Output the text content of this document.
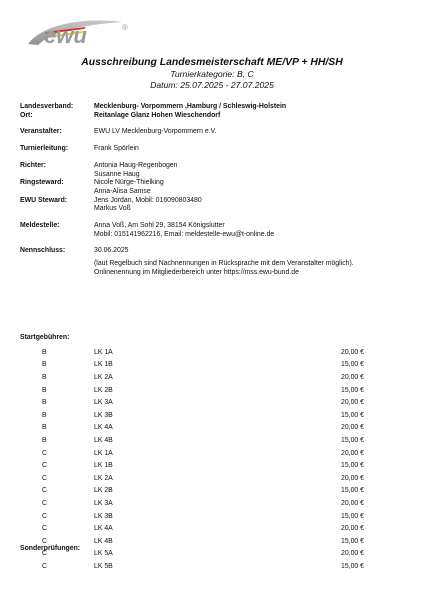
ewu	®
Ausschreibung Landesmeisterschaft ME/VP + HH/SH
Turnierkategorie: B, C
Datum: 25.07.2025 - 27.07.2025
Landesverband:	Mecklenburg- Vorpommern ,Hamburg / Schleswig-Holstein
Ort:	Reitanlage Glanz Hohen Wieschendorf
Veranstalter:	EWU LV Mecklenburg-Vorpommern e.V.
Turnierleitung:	Frank Spörlein
Richter:	Antonia Haug-Regenbogen
Susanne Haug
Ringsteward:	Nicole Nürge-Thielking
Anna-Alisa Samse
EWU Steward:	Jens Jordan, Mobil: 016090803480
Markus Voß
Meldestelle:	Anna Voß, Am Sohl 29, 38154 Königslutter
Mobil: 015141962216, Email: meldestelle-ewu@t-online.de
Nennschluss:	30.06.2025
(laut Regelbuch sind Nachnennungen in Rücksprache mit dem Veranstalter möglich).
Onlinenennung im Mitgliederbereich unter https://mss.ewu-bund.de
Startgebühren:
B	LK 1A	20,00 €
B	LK 1B	15,00 €
B	LK 2A	20,00 €
B	LK 2B	15,00 €
B	LK 3A	20,00 €
B	LK 3B	15,00 €
B	LK 4A	20,00 €
B	LK 4B	15,00 €
C	LK 1A	20,00 €
C	LK 1B	15,00 €
C	LK 2A	20,00 €
C	LK 2B	15,00 €
C	LK 3A	20,00 €
C	LK 3B	15,00 €
C	LK 4A	20,00 €
C	LK 4B	15,00 €
C	LK 5A	20,00 €
C	LK 5B	15,00 €
Sonderprüfungen:
